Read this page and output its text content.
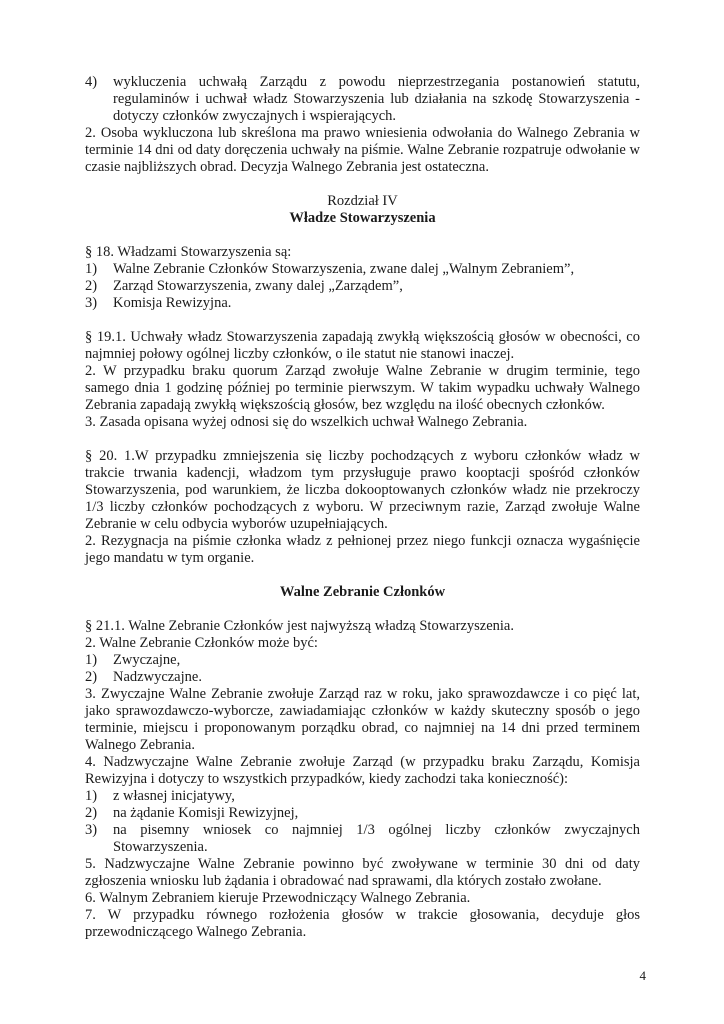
4)	wykluczenia uchwałą Zarządu z powodu nieprzestrzegania postanowień statutu, regulaminów i uchwał władz Stowarzyszenia lub działania na szkodę Stowarzyszenia - dotyczy członków zwyczajnych i wspierających.

2. Osoba wykluczona lub skreślona ma prawo wniesienia odwołania do Walnego Zebrania w terminie 14 dni od daty doręczenia uchwały na piśmie. Walne Zebranie rozpatruje odwołanie w czasie najbliższych obrad. Decyzja Walnego Zebrania jest ostateczna.

Rozdział IV
Władze Stowarzyszenia

§ 18. Władzami Stowarzyszenia są:

1)	Walne Zebranie Członków Stowarzyszenia, zwane dalej „Walnym Zebraniem”,
2)	Zarząd Stowarzyszenia, zwany dalej „Zarządem”,
3)	Komisja Rewizyjna.

§ 19.1. Uchwały władz Stowarzyszenia zapadają zwykłą większością głosów w obecności, co najmniej połowy ogólnej liczby członków, o ile statut nie stanowi inaczej.

2. W przypadku braku quorum Zarząd zwołuje Walne Zebranie w drugim terminie, tego samego dnia 1 godzinę później po terminie pierwszym. W takim wypadku uchwały Walnego Zebrania zapadają zwykłą większością głosów, bez względu na ilość obecnych członków.

3. Zasada opisana wyżej odnosi się do wszelkich uchwał Walnego Zebrania.

§ 20. 1.W przypadku zmniejszenia się liczby pochodzących z wyboru członków władz w trakcie trwania kadencji, władzom tym przysługuje prawo kooptacji spośród członków Stowarzyszenia, pod warunkiem, że liczba dokooptowanych członków władz nie przekroczy 1/3 liczby członków pochodzących z wyboru. W przeciwnym razie, Zarząd zwołuje Walne Zebranie w celu odbycia wyborów uzupełniających.

2. Rezygnacja na piśmie członka władz z pełnionej przez niego funkcji oznacza wygaśnięcie jego mandatu w tym organie.

Walne Zebranie Członków

§ 21.1. Walne Zebranie Członków jest najwyższą władzą Stowarzyszenia.

2. Walne Zebranie Członków może być:

1)	Zwyczajne,
2)	Nadzwyczajne.

3. Zwyczajne Walne Zebranie zwołuje Zarząd raz w roku, jako sprawozdawcze i co pięć lat, jako sprawozdawczo-wyborcze, zawiadamiając członków w każdy skuteczny sposób o jego terminie, miejscu i proponowanym porządku obrad, co najmniej na 14 dni przed terminem Walnego Zebrania.

4. Nadzwyczajne Walne Zebranie zwołuje Zarząd (w przypadku braku Zarządu, Komisja Rewizyjna i dotyczy to wszystkich przypadków, kiedy zachodzi taka konieczność):

1)	z własnej inicjatywy,
2)	na żądanie Komisji Rewizyjnej,
3)	na pisemny wniosek co najmniej 1/3 ogólnej liczby członków zwyczajnych Stowarzyszenia.

5. Nadzwyczajne Walne Zebranie powinno być zwoływane w terminie 30 dni od daty zgłoszenia wniosku lub żądania i obradować nad sprawami, dla których zostało zwołane.

6. Walnym Zebraniem kieruje Przewodniczący Walnego Zebrania.

7. W przypadku równego rozłożenia głosów w trakcie głosowania, decyduje głos przewodniczącego Walnego Zebrania.

4
